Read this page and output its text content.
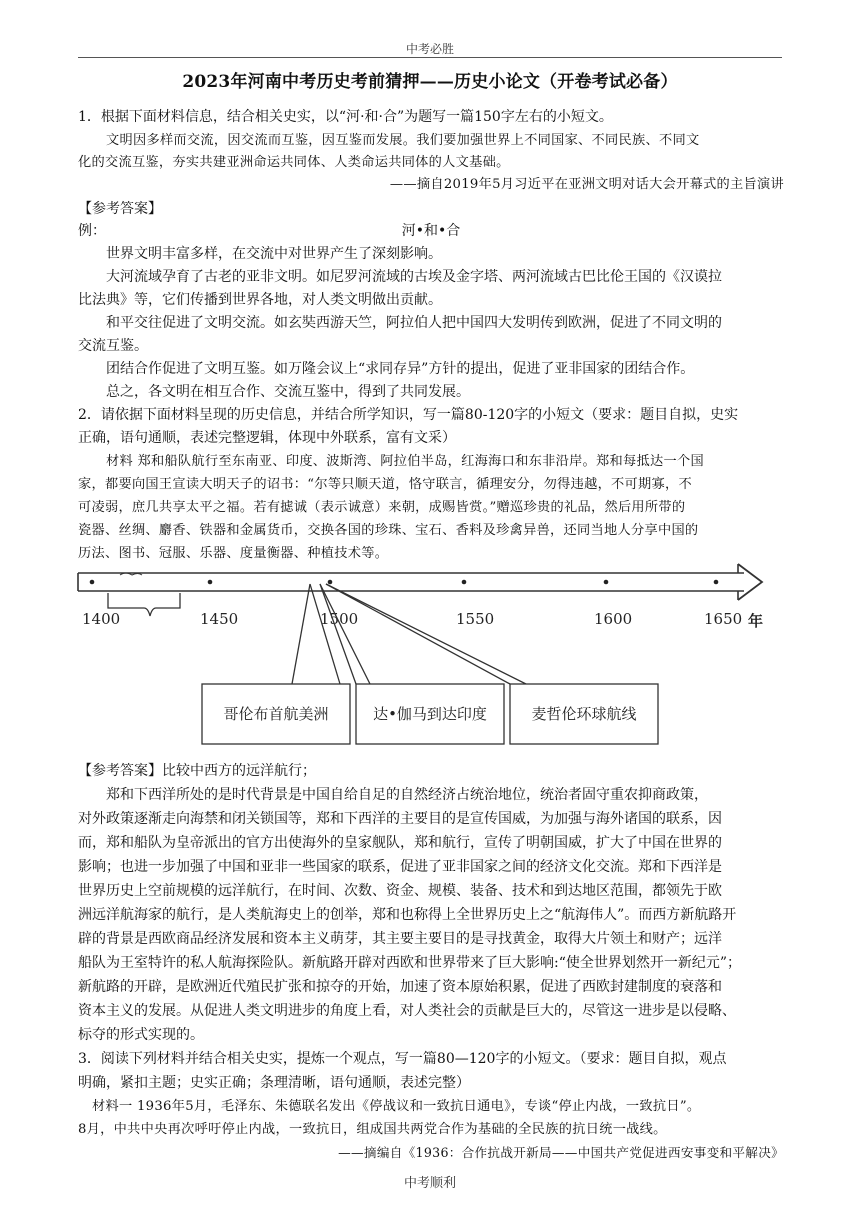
中考必胜
2023年河南中考历史考前猜押——历史小论文（开卷考试必备）
1．根据下面材料信息，结合相关史实，以“河·和·合”为题写一篇150字左右的小短文。
文明因多样而交流，因交流而互鉴，因互鉴而发展。我们要加强世界上不同国家、不同民族、不同文
化的交流互鉴，夯实共建亚洲命运共同体、人类命运共同体的人文基础。
——摘自2019年5月习近平在亚洲文明对话大会开幕式的主旨演讲
【参考答案】
例：	河•和•合
世界文明丰富多样，在交流中对世界产生了深刻影响。
大河流域孕育了古老的亚非文明。如尼罗河流域的古埃及金字塔、两河流域古巴比伦王国的《汉谟拉
比法典》等，它们传播到世界各地，对人类文明做出贡献。
和平交往促进了文明交流。如玄奘西游天竺，阿拉伯人把中国四大发明传到欧洲，促进了不同文明的
交流互鉴。
团结合作促进了文明互鉴。如万隆会议上“求同存异”方针的提出，促进了亚非国家的团结合作。
总之，各文明在相互合作、交流互鉴中，得到了共同发展。
2．请依据下面材料呈现的历史信息，并结合所学知识，写一篇80-120字的小短文（要求：题目自拟，史实
正确，语句通顺，表述完整逻辑，体现中外联系，富有文采）
材料 郑和船队航行至东南亚、印度、波斯湾、阿拉伯半岛，红海海口和东非沿岸。郑和每抵达一个国
家，都要向国王宣读大明天子的诏书：“尔等只顺天道，恪守联言，循理安分，勿得违越，不可期寡，不
可凌弱，庶几共享太平之福。若有摅诚（表示诚意）来朝，成赐皆赏。”赠巡珍贵的礼品，然后用所带的
瓷器、丝绸、麝香、铁器和金属货币，交换各国的珍珠、宝石、香料及珍禽异兽，还同当地人分享中国的
历法、图书、冠服、乐器、度量衡器、种植技术等。
1400	1450	1500	1550	1600	1650 年
哥伦布首航美洲	达•伽马到达印度	麦哲伦环球航线
【参考答案】比较中西方的远洋航行；
郑和下西洋所处的是时代背景是中国自给自足的自然经济占统治地位，统治者固守重农抑商政策，
对外政策逐渐走向海禁和闭关锁国等，郑和下西洋的主要目的是宣传国威，为加强与海外诸国的联系，因
而，郑和船队为皇帝派出的官方出使海外的皇家舰队，郑和航行，宣传了明朝国威，扩大了中国在世界的
影响；也进一步加强了中国和亚非一些国家的联系，促进了亚非国家之间的经济文化交流。郑和下西洋是
世界历史上空前规模的远洋航行，在时间、次数、资金、规模、装备、技术和到达地区范围，都领先于欧
洲远洋航海家的航行，是人类航海史上的创举，郑和也称得上全世界历史上之“航海伟人”。而西方新航路开
辟的背景是西欧商品经济发展和资本主义萌芽，其主要主要目的是寻找黄金，取得大片领土和财产；远洋
船队为王室特许的私人航海探险队。新航路开辟对西欧和世界带来了巨大影响:“使全世界划然开一新纪元”；
新航路的开辟，是欧洲近代殖民扩张和掠夺的开始，加速了资本原始积累，促进了西欧封建制度的衰落和
资本主义的发展。从促进人类文明进步的角度上看，对人类社会的贡献是巨大的，尽管这一进步是以侵略、
标夺的形式实现的。
3．阅读下列材料并结合相关史实，提炼一个观点，写一篇80—120字的小短文。（要求：题目自拟，观点
明确，紧扣主题；史实正确；条理清晰，语句通顺，表述完整）
材料一 1936年5月，毛泽东、朱德联名发出《停战议和一致抗日通电》，专谈“停止内战，一致抗日”。
8月，中共中央再次呼吁停止内战，一致抗日，组成国共两党合作为基础的全民族的抗日统一战线。
——摘编自《1936：合作抗战开新局——中国共产党促进西安事变和平解决》
中考顺利
